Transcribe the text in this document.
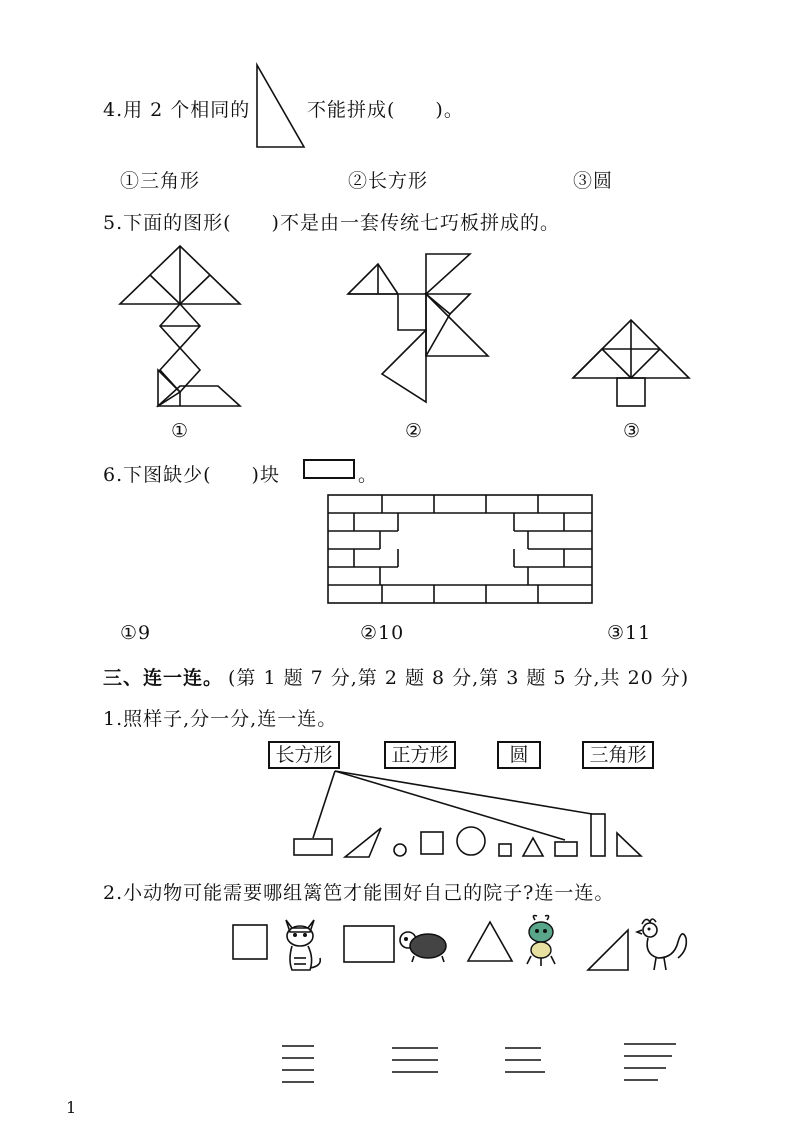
4.用 2 个相同的	不能拼成(　　)。
①三角形	②长方形	③圆
5.下面的图形(　　)不是由一套传统七巧板拼成的。
①	②	③
6.下图缺少(　　)块	。
①9	②10	③11
三、连一连。 (第 1 题 7 分,第 2 题 8 分,第 3 题 5 分,共 20 分)
1.照样子,分一分,连一连。
长方形	正方形	圆	三角形
2.小动物可能需要哪组篱笆才能围好自己的院子?连一连。
1
